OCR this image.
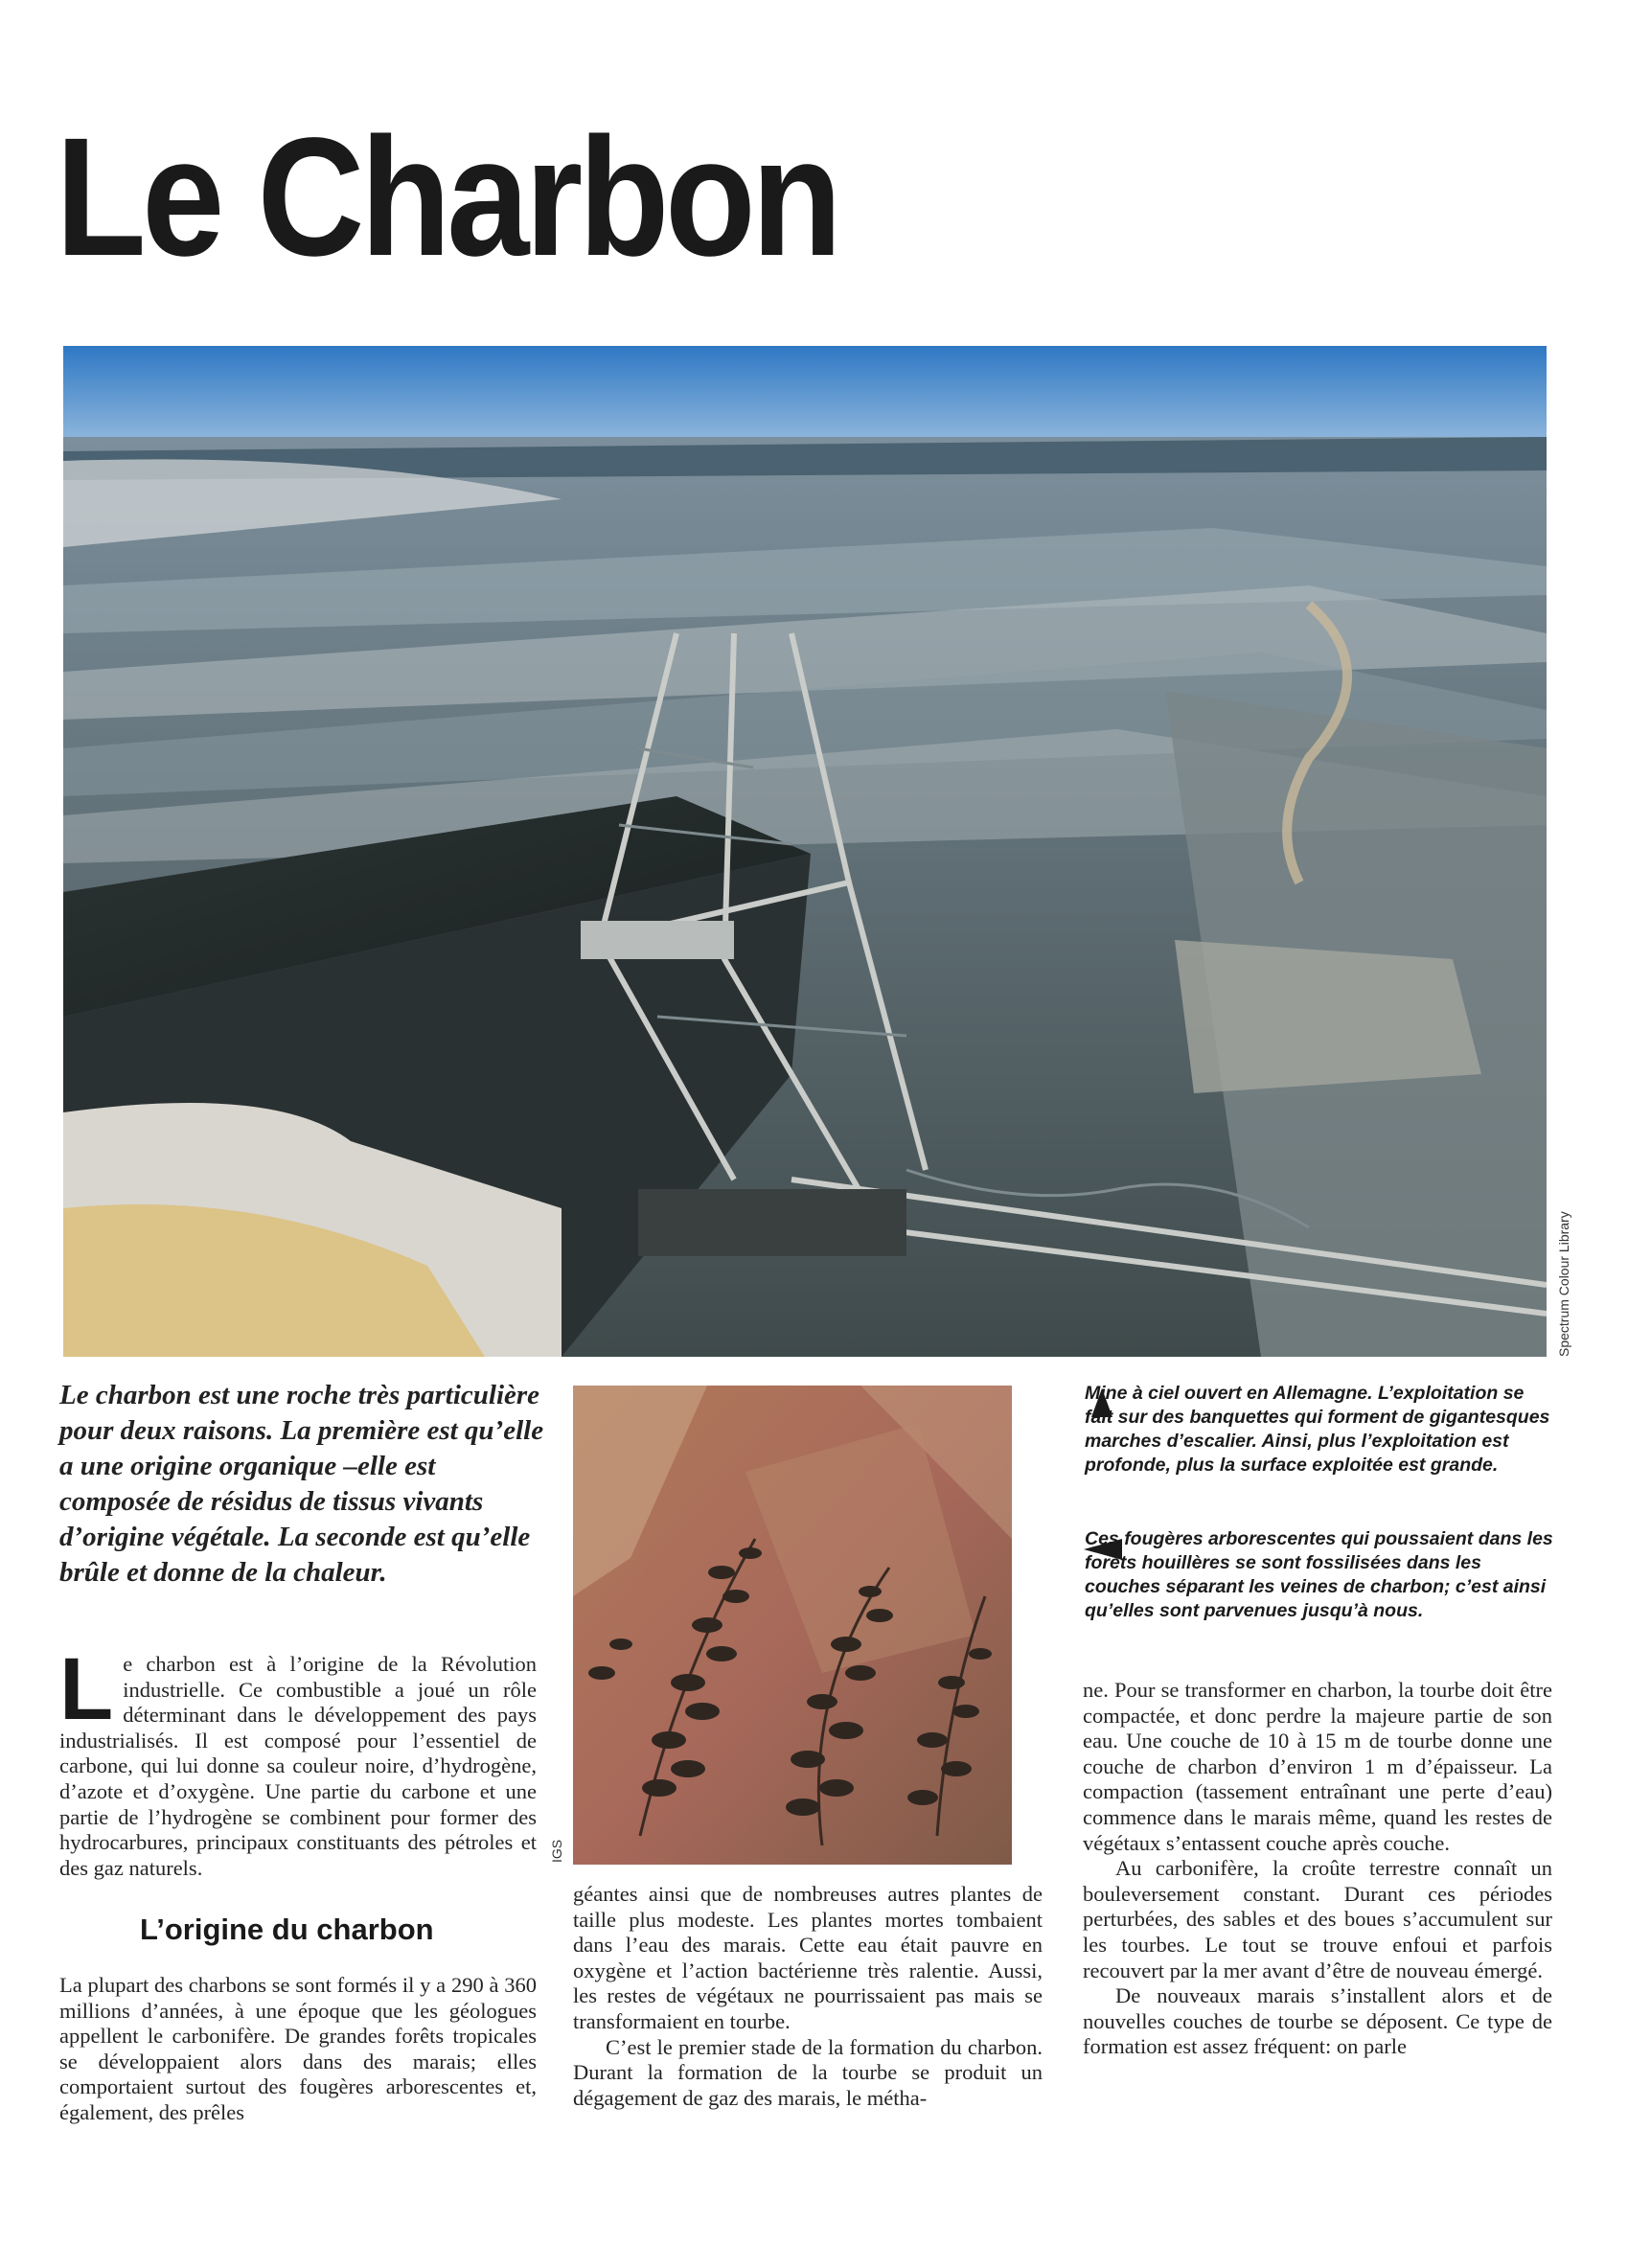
Le Charbon
Spectrum Colour Library
IGS

Le charbon est une roche très particulière pour deux raisons. La première est qu’elle a une origine organique –elle est composée de résidus de tissus vivants d’origine végétale. La seconde est qu’elle brûle et donne de la chaleur.

Mine à ciel ouvert en Allemagne. L’exploitation se fait sur des banquettes qui forment de gigantesques marches d’escalier. Ainsi, plus l’exploitation est profonde, plus la surface exploitée est grande.
Ces fougères arborescentes qui poussaient dans les forêts houillères se sont fossilisées dans les couches séparant les veines de charbon; c’est ainsi qu’elles sont parvenues jusqu’à nous.
L e charbon est à l’origine de la Révolution industrielle. Ce combustible a joué un rôle déterminant dans le développement des pays industrialisés. Il est composé pour l’essentiel de carbone, qui lui donne sa couleur noire, d’hydrogène, d’azote et d’oxygène. Une partie du carbone et une partie de l’hydrogène se combinent pour former des hydrocarbures, principaux constituants des pétroles et des gaz naturels.

L’origine du charbon

La plupart des charbons se sont formés il y a 290 à 360 millions d’années, à une époque que les géologues appellent le carbonifère. De grandes forêts tropicales se développaient alors dans des marais; elles comportaient surtout des fougères arborescentes et, également, des prêles

géantes ainsi que de nombreuses autres plantes de taille plus modeste. Les plantes mortes tombaient dans l’eau des marais. Cette eau était pauvre en oxygène et l’action bactérienne très ralentie. Aussi, les restes de végétaux ne pourrissaient pas mais se transformaient en tourbe.

C’est le premier stade de la formation du charbon. Durant la formation de la tourbe se produit un dégagement de gaz des marais, le métha-

ne. Pour se transformer en charbon, la tourbe doit être compactée, et donc perdre la majeure partie de son eau. Une couche de 10 à 15 m de tourbe donne une couche de charbon d’environ 1 m d’épaisseur. La compaction (tassement entraînant une perte d’eau) commence dans le marais même, quand les restes de végétaux s’entassent couche après couche.

Au carbonifère, la croûte terrestre connaît un bouleversement constant. Durant ces périodes perturbées, des sables et des boues s’accumulent sur les tourbes. Le tout se trouve enfoui et parfois recouvert par la mer avant d’être de nouveau émergé.

De nouveaux marais s’installent alors et de nouvelles couches de tourbe se déposent. Ce type de formation est assez fréquent: on parle
